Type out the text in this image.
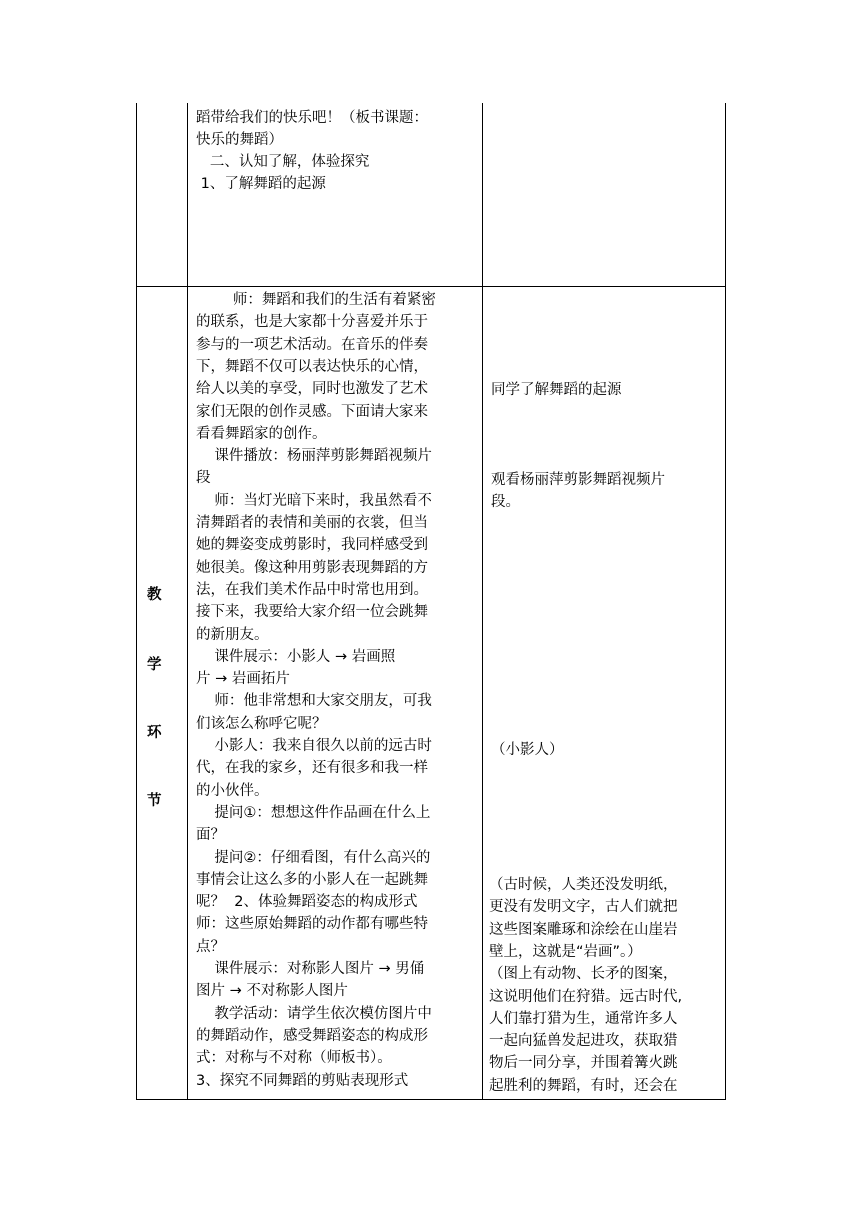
蹈带给我们的快乐吧！（板书课题：
快乐的舞蹈）
二、认知了解，体验探究
1、了解舞蹈的起源
教
学
环
节
师：舞蹈和我们的生活有着紧密
的联系，也是大家都十分喜爱并乐于
参与的一项艺术活动。在音乐的伴奏
下，舞蹈不仅可以表达快乐的心情，
给人以美的享受，同时也激发了艺术
家们无限的创作灵感。下面请大家来
看看舞蹈家的创作。
课件播放：杨丽萍剪影舞蹈视频片
段
师：当灯光暗下来时，我虽然看不
清舞蹈者的表情和美丽的衣裳，但当
她的舞姿变成剪影时，我同样感受到
她很美。像这种用剪影表现舞蹈的方
法，在我们美术作品中时常也用到。
接下来，我要给大家介绍一位会跳舞
的新朋友。
课件展示：小影人 → 岩画照
片 → 岩画拓片
师：他非常想和大家交朋友，可我
们该怎么称呼它呢？
小影人：我来自很久以前的远古时
代，在我的家乡，还有很多和我一样
的小伙伴。
提问①：想想这件作品画在什么上
面？
提问②：仔细看图，有什么高兴的
事情会让这么多的小影人在一起跳舞
呢？  2、体验舞蹈姿态的构成形式
师：这些原始舞蹈的动作都有哪些特
点？
课件展示：对称影人图片 → 男俑
图片 → 不对称影人图片
教学活动：请学生依次模仿图片中
的舞蹈动作，感受舞蹈姿态的构成形
式：对称与不对称（师板书）。
3、探究不同舞蹈的剪贴表现形式
同学了解舞蹈的起源
观看杨丽萍剪影舞蹈视频片
段。
（小影人）
（古时候，人类还没发明纸，
更没有发明文字，古人们就把
这些图案雕琢和涂绘在山崖岩
壁上，这就是“岩画”。）
（图上有动物、长矛的图案，
这说明他们在狩猎。远古时代,
人们靠打猎为生，通常许多人
一起向猛兽发起进攻，获取猎
物后一同分享，并围着篝火跳
起胜利的舞蹈，有时，还会在
